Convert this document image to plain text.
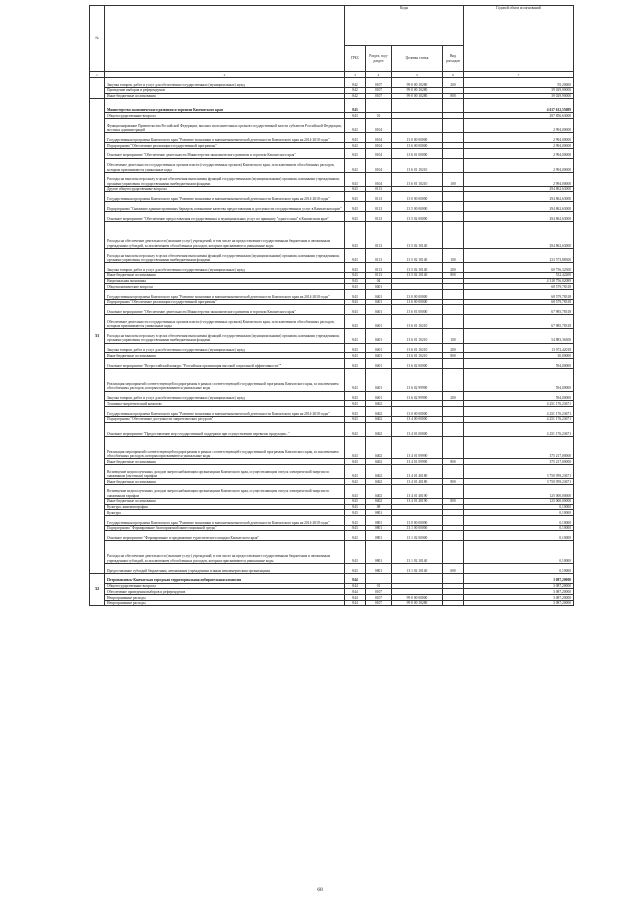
№		Коды				Годовой объем ассигнований
		ГРБС	Раздел, под-раздел	Целевая статья	Вид расходов	
1	2	3	4	5	6	7
	Закупка товаров, работ и услуг для обеспечения государственных (муниципальных) нужд	842	0107	99 0 00 10280	200	95,20000
	Проведение выборов и референдумов	842	0107	99 0 00 10280		39 029,90000
	Иные бюджетные ассигнования	842	0107	99 0 00 10280	800	39 029,90000
31	Министерство экономического развития и торговли Камчатского края	843				4 617 612,55089
	Общегосударственные вопросы	843	01			297 856,63000
	Функционирование Правительства Российской Федерации, высших исполнительных органов государственной власти субъектов Российской Федерации, местных администраций	843	0104			2 994,00000
	Государственная программа Камчатского края "Развитие экономики и внешнеэкономической деятельности Камчатского края на 2014-2018 годы"	843	0104	13 0 00 00000		2 994,00000
	Подпрограмма "Обеспечение реализации государственной программы"	843	0104	13 6 00 00000		2 994,00000
	Основное мероприятие "Обеспечение деятельности Министерства экономического развития и торговли Камчатского края"	843	0104	13 6 01 00000		2 994,00000
	Обеспечение деятельности государственных органов власти (государственных органов) Камчатского края, за исключением обособленных расходов, которым присваиваются уникальные коды	843	0104	13 6 01 10210		2 994,00000
	Расходы на выплаты персоналу в целях обеспечения выполнения функций государственными (муниципальными) органами, казенными учреждениями, органами управления государственными внебюджетными фондами	843	0104	13 6 01 10210	100	2 994,00000
	Другие общегосударственные вопросы	843	0113			294 862,63000
	Государственная программа Камчатского края "Развитие экономики и внешнеэкономической деятельности Камчатского края на 2014-2018 годы"	843	0113	13 0 00 00000		294 862,63000
	Подпрограмма "Снижение административных барьеров, повышение качества предоставления и доступности государственных услуг в Камчатском крае"	843	0113	13 5 00 00000		294 862,63000
	Основное мероприятие "Обеспечение предоставления государственных и муниципальных услуг по принципу "одного окна" в Камчатском крае"	843	0113	13 5 02 00000		294 862,63000
	Расходы на обеспечение деятельности (оказание услуг) учреждений, в том числе на предоставление государственным бюджетным и автономным учреждениям субсидий, за исключением обособленных расходов, которым присваиваются уникальные коды	843	0113	13 5 02 10140		294 862,63000
	Расходы на выплаты персоналу в целях обеспечения выполнения функций государственными (муниципальными) органами, казенными учреждениями, органами управления государственными внебюджетными фондами	843	0113	13 5 02 10140	100	233 573,88300
	Закупка товаров, работ и услуг для обеспечения государственных (муниципальных) нужд	843	0113	13 5 02 10140	200	60 756,32500
	Иные бюджетные ассигнования	843	0113	13 5 02 10140	800	532,42200
	Национальная экономика	843	04			4 318 756,02089
	Общеэкономические вопросы	843	0401			68 579,78318
	Государственная программа Камчатского края "Развитие экономики и внешнеэкономической деятельности Камчатского края на 2014-2018 годы"	843	0401	13 0 00 00000		68 579,78318
	Подпрограмма "Обеспечение реализации государственной программы"	843	0401	13 6 00 00000		68 579,78318
	Основное мероприятие "Обеспечение деятельности Министерства экономического развития и торговли Камчатского края"	843	0401	13 6 01 00000		67 985,78318
	Обеспечение деятельности государственных органов власти (государственных органов) Камчатского края, за исключением обособленных расходов, которым присваиваются уникальные коды	843	0401	13 6 01 10210		67 985,78318
	Расходы на выплаты персоналу в целях обеспечения выполнения функций государственными (муниципальными) органами, казенными учреждениями, органами управления государственными внебюджетными фондами	843	0401	13 6 01 10210	100	54 883,36300
	Закупка товаров, работ и услуг для обеспечения государственных (муниципальных) нужд	843	0401	13 6 01 10210	200	13 072,42018
	Иные бюджетные ассигнования	843	0401	13 6 01 10210	800	30,00000
	Основное мероприятие "Всероссийский конкурс "Российская организация высокой социальной эффективности""	843	0401	13 6 02 00000		594,00000
	Реализация мероприятий соответствующей подпрограммы в рамках соответствующей государственной программы Камчатского края, за исключением обособленных расходов, которым присваиваются уникальные коды	843	0401	13 6 02 99990		594,00000
	Закупка товаров, работ и услуг для обеспечения государственных (муниципальных) нужд	843	0401	13 6 02 99990	200	594,00000
	Топливно-энергетический комплекс	843	0402			4 251 176,23671
	Государственная программа Камчатского края "Развитие экономики и внешнеэкономической деятельности Камчатского края на 2014-2018 годы"	843	0402	13 0 00 00000		4 251 176,23671
	Подпрограмма "Обеспечение доступности энергетических ресурсов"	843	0402	13 4 00 00000		4 251 176,23671
	Основное мероприятие "Предоставление мер государственной поддержки при осуществлении перевозок продукции..."	843	0402	13 4 01 00000		4 251 176,23671
	Реализация мероприятий соответствующей подпрограммы в рамках соответствующей государственной программы Камчатского края, за исключением обособленных расходов, которым присваиваются уникальные коды	843	0402	13 4 01 09990		375 217,00000
	Иные бюджетные ассигнования	843	0402	13 4 01 09990	800	375 217,00000
	Возмещение недополученных доходов энергоснабжающим организациям Камчатского края, осуществляющим отпуск электрической энергии по сниженным (льготным) тарифам	843	0402	13 4 01 40180		3 750 959,23671
	Иные бюджетные ассигнования	843	0402	13 4 01 40180	800	3 750 959,23671
	Возмещение недополученных доходов энергоснабжающим организациям Камчатского края, осуществляющим отпуск электрической энергии по сниженным тарифам	843	0402	13 4 01 40190		125 000,00000
	Иные бюджетные ассигнования	843	0402	13 4 01 40190	800	125 000,00000
	Культура, кинематография	843	08			0,10000
	Культура	843	0801			0,10000
	Государственная программа Камчатского края "Развитие экономики и внешнеэкономической деятельности Камчатского края на 2014-2018 годы"	843	0801	13 0 00 00000		0,10000
	Подпрограмма "Формирование благоприятной инвестиционной среды"	843	0801	13 1 00 00000		0,10000
	Основное мероприятие "Формирование и продвижение туристического имиджа Камчатского края"	843	0801	13 1 02 00000		0,10000
	Расходы на обеспечение деятельности (оказание услуг) учреждений, в том числе на предоставление государственным бюджетным и автономным учреждениям субсидий, за исключением обособленных расходов, которым присваиваются уникальные коды	843	0801	13 1 02 10140		0,10000
	Предоставление субсидий бюджетным, автономным учреждениям и иным некоммерческим организациям	843	0801	13 1 02 10140	600	0,10000
32	Петропавловск-Камчатская городская территориальная избирательная комиссия	844				3 087,20000
	Общегосударственные вопросы	844	01			3 087,20000
	Обеспечение проведения выборов и референдумов	844	0107			3 087,20000
	Непрограммные расходы	844	0107	99 0 00 00000		3 087,20000
	Непрограммные расходы	844	0107	99 0 00 10280		3 087,20000
68
